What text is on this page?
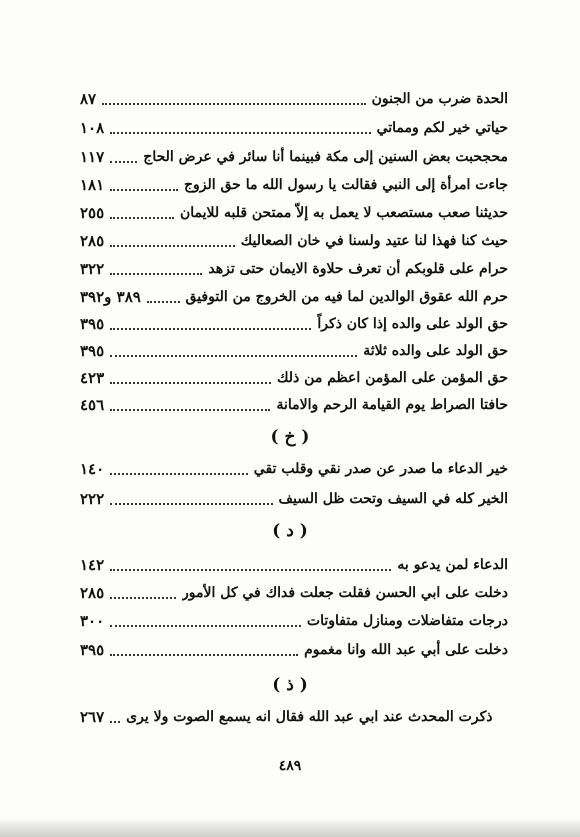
٨٧	الحدة ضرب من الجنون
١٠٨	حياتي خير لكم ومماتي
١١٧	محجحبت بعض السنين إلى مكة فبينما أنا سائر في عرض الحاج
١٨١	جاءت امرأة إلى النبي فقالت يا رسول الله ما حق الزوج
٢٥٥	حديثنا صعب مستصعب لا يعمل به إلاّ ممتحن قلبه للايمان
٢٨٥	حيث كنا فهذا لنا عتيد ولسنا في خان الصعاليك
٣٢٢	حرام على قلوبكم أن تعرف حلاوة الايمان حتى تزهد
٣٨٩ و٣٩٢	حرم الله عقوق الوالدين لما فيه من الخروج من التوفيق
٣٩٥	حق الولد على والده إذا كان ذكراً
٣٩٥	حق الولد على والده ثلاثة
٤٢٣	حق المؤمن على المؤمن اعظم من ذلك
٤٥٦	حافتا الصراط يوم القيامة الرحم والامانة
( خ )
١٤٠	خير الدعاء ما صدر عن صدر نقي وقلب تقي
٢٢٢	الخير كله في السيف وتحت ظل السيف
( د )
١٤٢	الدعاء لمن يدعو به
٢٨٥	دخلت على ابي الحسن فقلت جعلت فداك في كل الأمور
٣٠٠	درجات متفاضلات ومنازل متفاوتات
٣٩٥	دخلت على أبي عبد الله وانا مغموم
( ذ )
٢٦٧ ذكرت المحدث عند ابي عبد الله فقال انه يسمع الصوت ولا يرى
٤٨٩
